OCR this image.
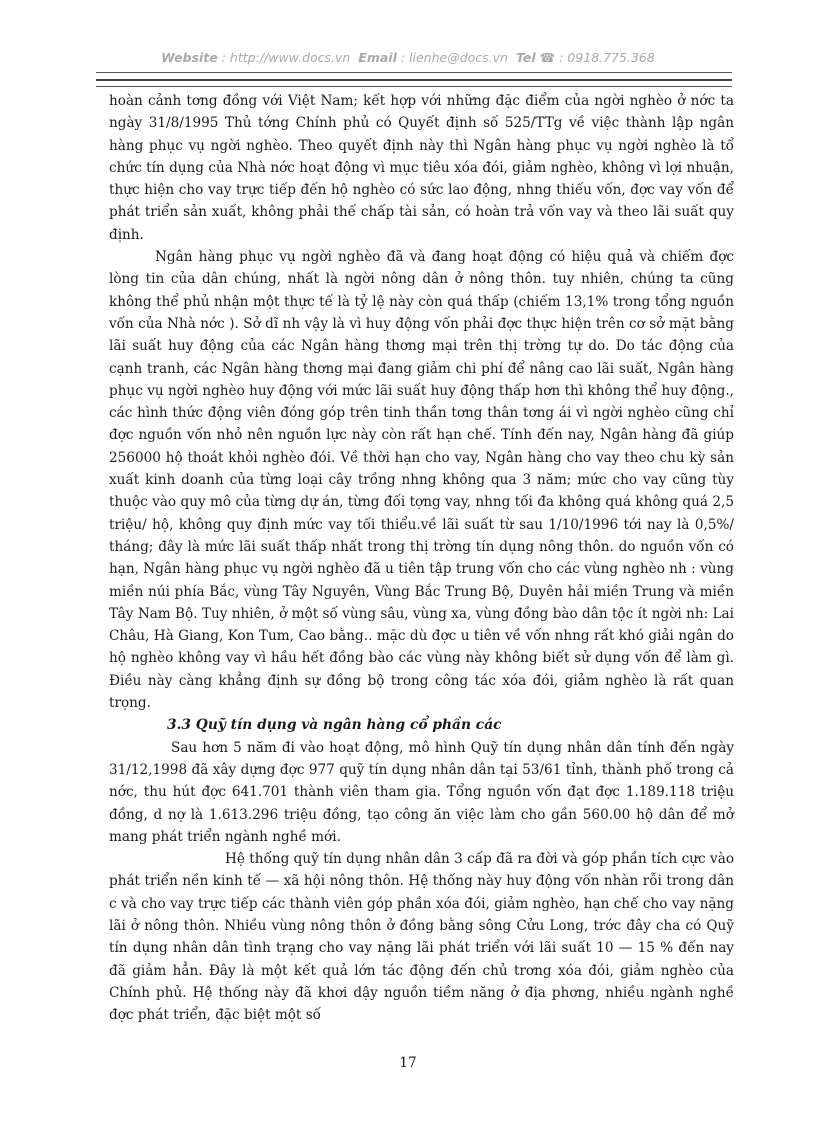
Website : http://www.docs.vn Email : lienhe@docs.vn Tel ☎ : 0918.775.368

hoàn cảnh tơng đồng với Việt Nam; kết hợp với những đặc điểm của ngời nghèo ở nớc ta ngày 31/8/1995 Thủ tớng Chính phủ có Quyết định số 525/TTg về việc thành lập ngân hàng phục vụ ngời nghèo. Theo quyết định này thì Ngân hàng phục vụ ngời nghèo là tổ chức tín dụng của Nhà nớc hoạt động vì mục tiêu xóa đói, giảm nghèo, không vì lợi nhuận, thực hiện cho vay trực tiếp đến hộ nghèo có sức lao động, nhng thiếu vốn, đợc vay vốn để phát triển sản xuất, không phải thế chấp tài sản, có hoàn trả vốn vay và theo lãi suất quy định.

Ngân hàng phục vụ ngời nghèo đã và đang hoạt động có hiệu quả và chiếm đợc lòng tin của dân chúng, nhất là ngời nông dân ở nông thôn. tuy nhiên, chúng ta cũng không thể phủ nhận một thực tế là tỷ lệ này còn quá thấp (chiếm 13,1% trong tổng nguồn vốn của Nhà nớc ). Sở dĩ nh vậy là vì huy động vốn phải đợc thực hiện trên cơ sở mặt bằng lãi suất huy động của các Ngân hàng thơng mại trên thị trờng tự do. Do tác động của cạnh tranh, các Ngân hàng thơng mại đang giảm chi phí để nâng cao lãi suất, Ngân hàng phục vụ ngời nghèo huy động với mức lãi suất huy động thấp hơn thì không thể huy động., các hình thức động viên đóng góp trên tinh thần tơng thân tơng ái vì ngời nghèo cũng chỉ đợc nguồn vốn nhỏ nên nguồn lực này còn rất hạn chế. Tính đến nay, Ngân hàng đã giúp 256000 hộ thoát khỏi nghèo đói. Về thời hạn cho vay, Ngân hàng cho vay theo chu kỳ sản xuất kinh doanh của từng loại cây trồng nhng không qua 3 năm; mức cho vay cũng tùy thuộc vào quy mô của từng dự án, từng đối tợng vay, nhng tối đa không quá không quá 2,5 triệu/ hộ, không quy định mức vay tối thiểu.về lãi suất từ sau 1/10/1996 tới nay là 0,5%/ tháng; đây là mức lãi suất thấp nhất trong thị trờng tín dụng nông thôn. do nguồn vốn có hạn, Ngân hàng phục vụ ngời nghèo đã u tiên tập trung vốn cho các vùng nghèo nh : vùng miền núi phía Bắc, vùng Tây Nguyên, Vùng Bắc Trung Bộ, Duyên hải miền Trung và miền Tây Nam Bộ. Tuy nhiên, ở một số vùng sâu, vùng xa, vùng đồng bào dân tộc ít ngời nh: Lai Châu, Hà Giang, Kon Tum, Cao bằng.. mặc dù đợc u tiên về vốn nhng rất khó giải ngân do hộ nghèo không vay vì hầu hết đồng bào các vùng này không biết sử dụng vốn để làm gì. Điều này càng khẳng định sự đồng bộ trong công tác xóa đói, giảm nghèo là rất quan trọng.

3.3 Quỹ tín dụng và ngân hàng cổ phần các

Sau hơn 5 năm đi vào hoạt động, mô hình Quỹ tín dụng nhân dân tính đến ngày 31/12,1998 đã xây dựng đợc 977 quỹ tín dụng nhân dân tại 53/61 tỉnh, thành phố trong cả nớc, thu hút đợc 641.701 thành viên tham gia. Tổng nguồn vốn đạt đợc 1.189.118 triệu đồng, d nợ là 1.613.296 triệu đồng, tạo công ăn việc làm cho gần 560.00 hộ dân để mở mang phát triển ngành nghề mới.

Hệ thống quỹ tín dụng nhân dân 3 cấp đã ra đời và góp phần tích cực vào phát triển nền kinh tế — xã hội nông thôn. Hệ thống này huy động vốn nhàn rỗi trong dân c và cho vay trực tiếp các thành viên góp phần xóa đói, giảm nghèo, hạn chế cho vay nặng lãi ở nông thôn. Nhiều vùng nông thôn ở đồng bằng sông Cửu Long, trớc đây cha có Quỹ tín dụng nhân dân tình trạng cho vay nặng lãi phát triển với lãi suất 10 — 15 % đến nay đã giảm hẳn. Đây là một kết quả lớn tác động đến chủ trơng xóa đói, giảm nghèo của Chính phủ. Hệ thống này đã khơi dậy nguồn tiềm năng ở địa phơng, nhiều ngành nghề đợc phát triển, đặc biệt một số

17
